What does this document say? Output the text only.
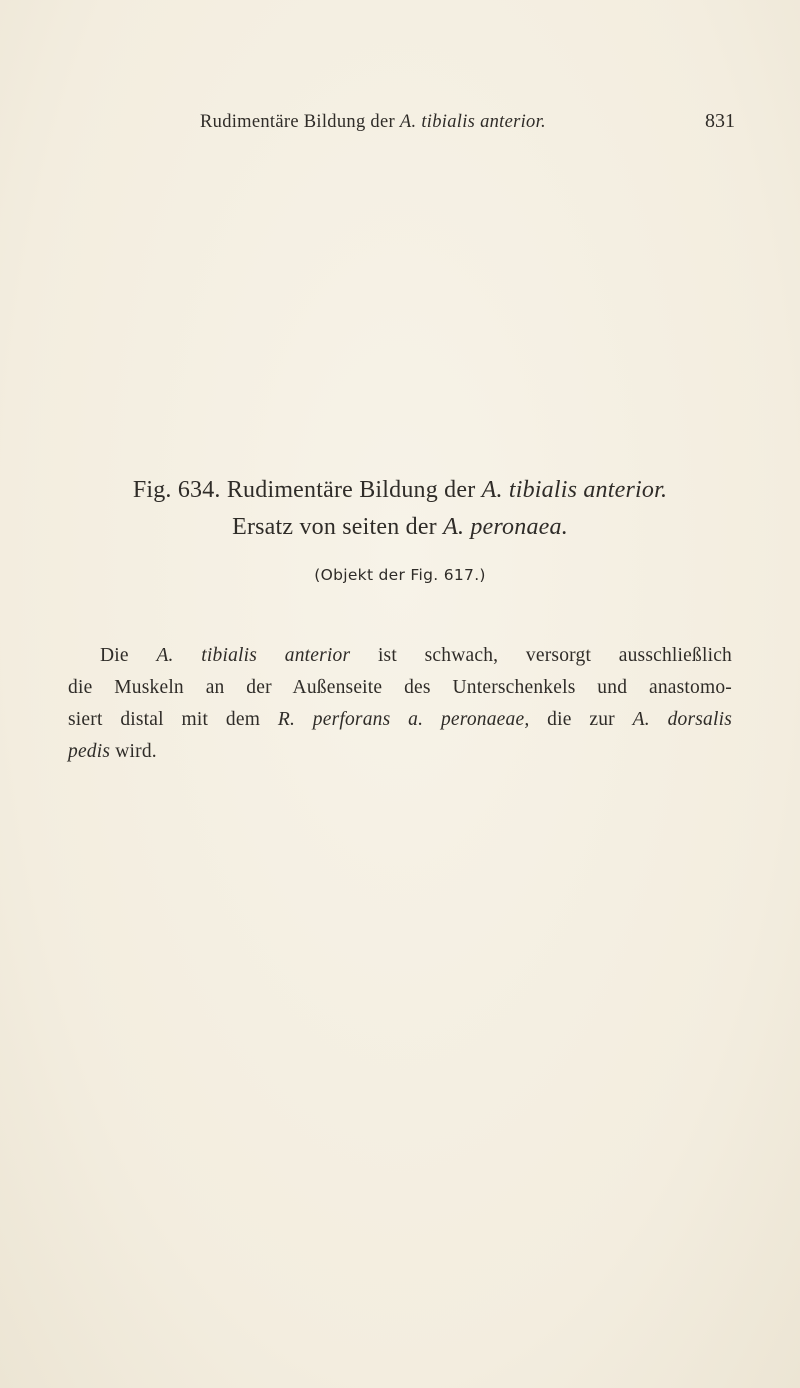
Rudimentäre Bildung der A. tibialis anterior.	831
Fig. 634. Rudimentäre Bildung der A. tibialis anterior.
Ersatz von seiten der A. peronaea.
(Objekt der Fig. 617.)
Die A. tibialis anterior ist schwach, versorgt ausschließlich
die Muskeln an der Außenseite des Unterschenkels und anastomo-
siert distal mit dem R. perforans a. peronaeae, die zur A. dorsalis
pedis wird.
